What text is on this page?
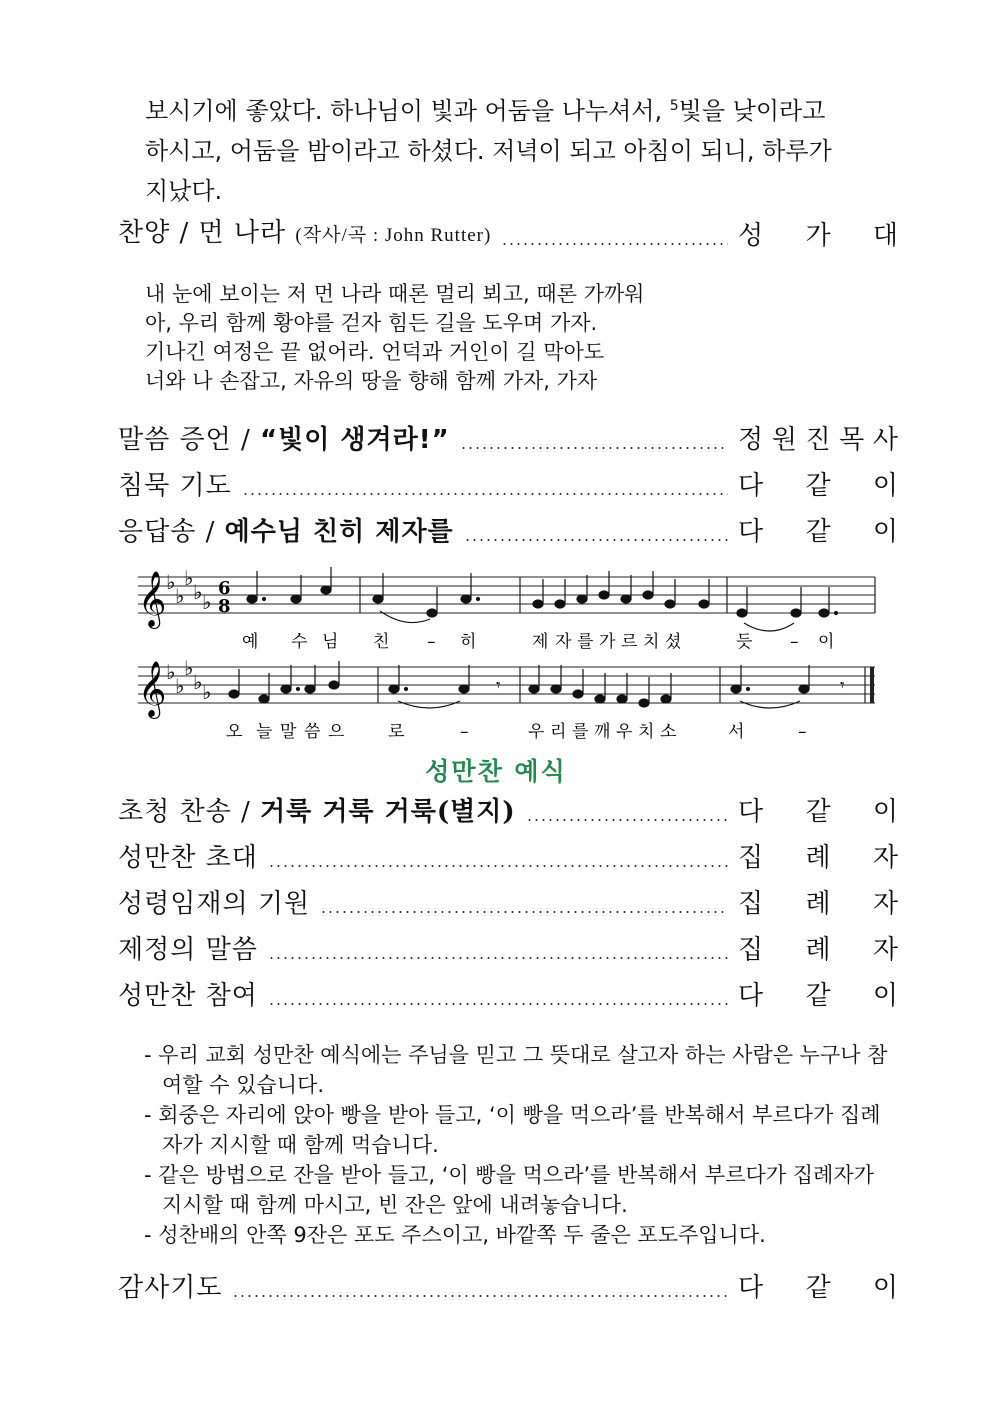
보시기에 좋았다. 하나님이 빛과 어둠을 나누셔서, $^5$빛을 낮이라고
하시고, 어둠을 밤이라고 하셨다. 저녁이 되고 아침이 되니, 하루가
지났다.
찬양 / 먼 나라 (작사/곡 : John Rutter)	성 가 대
내 눈에 보이는 저 먼 나라 때론 멀리 뵈고, 때론 가까워
아, 우리 함께 황야를 걷자 힘든 길을 도우며 가자.
기나긴 여정은 끝 없어라. 언덕과 거인이 길 막아도
너와 나 손잡고, 자유의 땅을 향해 함께 가자, 가자
말씀 증언 / “빛이 생겨라!”	정 원 진 목 사
침묵 기도	다 같 이
응답송 / 예수님 친히 제자를	다 같 이
𝄞 ♭
♭
♭
♭ ♭
6
8
예 수 님 친 – 히	제 자 를 가 르 치 셨	듯 – 이
𝄞 ♭
♭
♭
♭ ♭	𝄾	𝄾
오 늘 말 씀 으	로	–	우 리 를 깨 우 치 소	서	–
성만찬 예식
초청 찬송 / 거룩 거룩 거룩(별지)	다 같 이
성만찬 초대	집 례 자
성령임재의 기원	집 례 자
제정의 말씀	집 례 자
성만찬 참여	다 같 이

- 우리 교회 성만찬 예식에는 주님을 믿고 그 뜻대로 살고자 하는 사람은 누구나 참여할 수 있습니다.

- 회중은 자리에 앉아 빵을 받아 들고, ‘이 빵을 먹으라’를 반복해서 부르다가 집례자가 지시할 때 함께 먹습니다.

- 같은 방법으로 잔을 받아 들고, ‘이 빵을 먹으라’를 반복해서 부르다가 집례자가 지시할 때 함께 마시고, 빈 잔은 앞에 내려놓습니다.

- 성찬배의 안쪽 9잔은 포도 주스이고, 바깥쪽 두 줄은 포도주입니다.

감사기도	다 같 이
